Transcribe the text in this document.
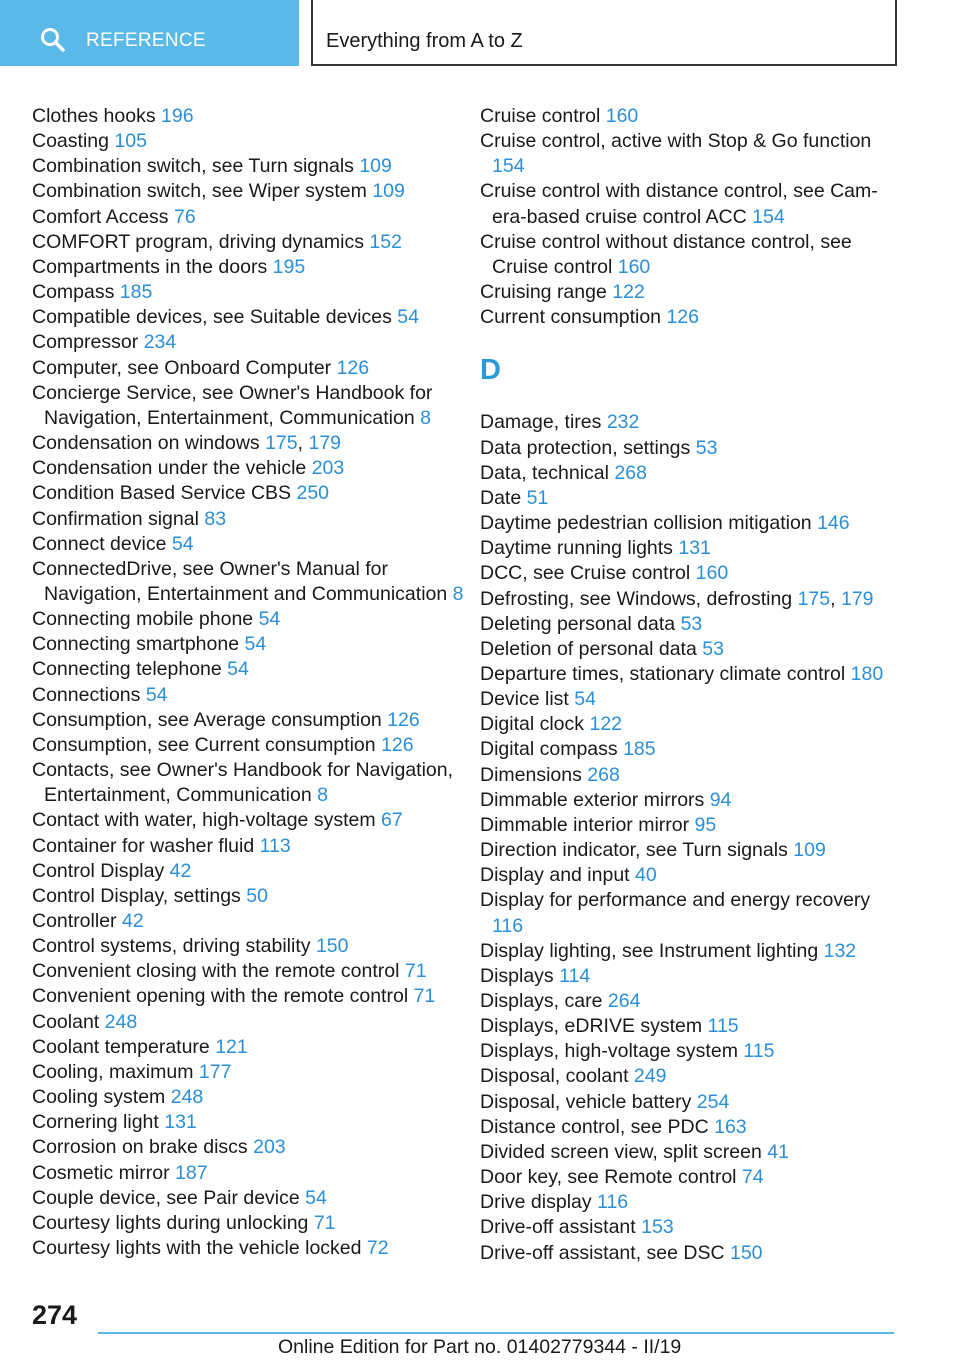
REFERENCE	Everything from A to Z
Clothes hooks 196
Coasting 105
Combination switch, see Turn signals 109
Combination switch, see Wiper system 109
Comfort Access 76
COMFORT program, driving dynamics 152
Compartments in the doors 195
Compass 185
Compatible devices, see Suitable devices 54
Compressor 234
Computer, see Onboard Computer 126
Concierge Service, see Owner's Handbook for Navigation, Entertainment, Communication 8
Condensation on windows 175, 179
Condensation under the vehicle 203
Condition Based Service CBS 250
Confirmation signal 83
Connect device 54
ConnectedDrive, see Owner's Manual for Navigation, Entertainment and Communication 8
Connecting mobile phone 54
Connecting smartphone 54
Connecting telephone 54
Connections 54
Consumption, see Average consumption 126
Consumption, see Current consumption 126
Contacts, see Owner's Handbook for Navigation, Entertainment, Communication 8
Contact with water, high-voltage system 67
Container for washer fluid 113
Control Display 42
Control Display, settings 50
Controller 42
Control systems, driving stability 150
Convenient closing with the remote control 71
Convenient opening with the remote control 71
Coolant 248
Coolant temperature 121
Cooling, maximum 177
Cooling system 248
Cornering light 131
Corrosion on brake discs 203
Cosmetic mirror 187
Couple device, see Pair device 54
Courtesy lights during unlocking 71
Courtesy lights with the vehicle locked 72
Cruise control 160
Cruise control, active with Stop & Go function 154
Cruise control with distance control, see Camera-based cruise control ACC 154
Cruise control without distance control, see Cruise control 160
Cruising range 122
Current consumption 126
D
Damage, tires 232
Data protection, settings 53
Data, technical 268
Date 51
Daytime pedestrian collision mitigation 146
Daytime running lights 131
DCC, see Cruise control 160
Defrosting, see Windows, defrosting 175, 179
Deleting personal data 53
Deletion of personal data 53
Departure times, stationary climate control 180
Device list 54
Digital clock 122
Digital compass 185
Dimensions 268
Dimmable exterior mirrors 94
Dimmable interior mirror 95
Direction indicator, see Turn signals 109
Display and input 40
Display for performance and energy recovery 116
Display lighting, see Instrument lighting 132
Displays 114
Displays, care 264
Displays, eDRIVE system 115
Displays, high-voltage system 115
Disposal, coolant 249
Disposal, vehicle battery 254
Distance control, see PDC 163
Divided screen view, split screen 41
Door key, see Remote control 74
Drive display 116
Drive-off assistant 153
Drive-off assistant, see DSC 150
274
Online Edition for Part no. 01402779344 - II/19
